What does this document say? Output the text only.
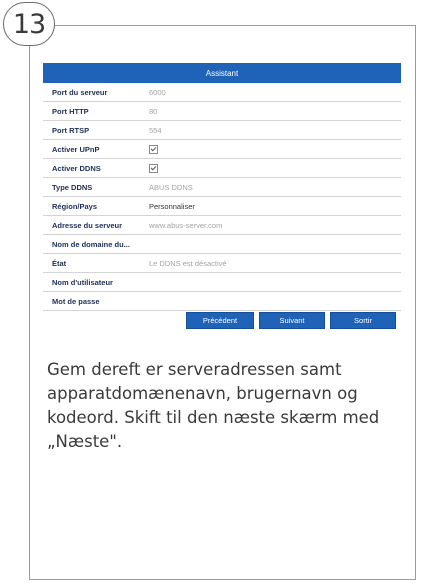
13
Assistant
Port du serveur	6000
Port HTTP	80
Port RTSP	554
Activer UPnP
Activer DDNS
Type DDNS	ABUS DDNS
Région/Pays	Personnaliser
Adresse du serveur	www.abus-server.com
Nom de domaine du...
État	Le DDNS est désactivé
Nom d'utilisateur
Mot de passe
Précédent	Suivant	Sortir
Gem dereft er serveradressen samt apparatdomænenavn, brugernavn og kodeord. Skift til den næste skærm med „Næste".
